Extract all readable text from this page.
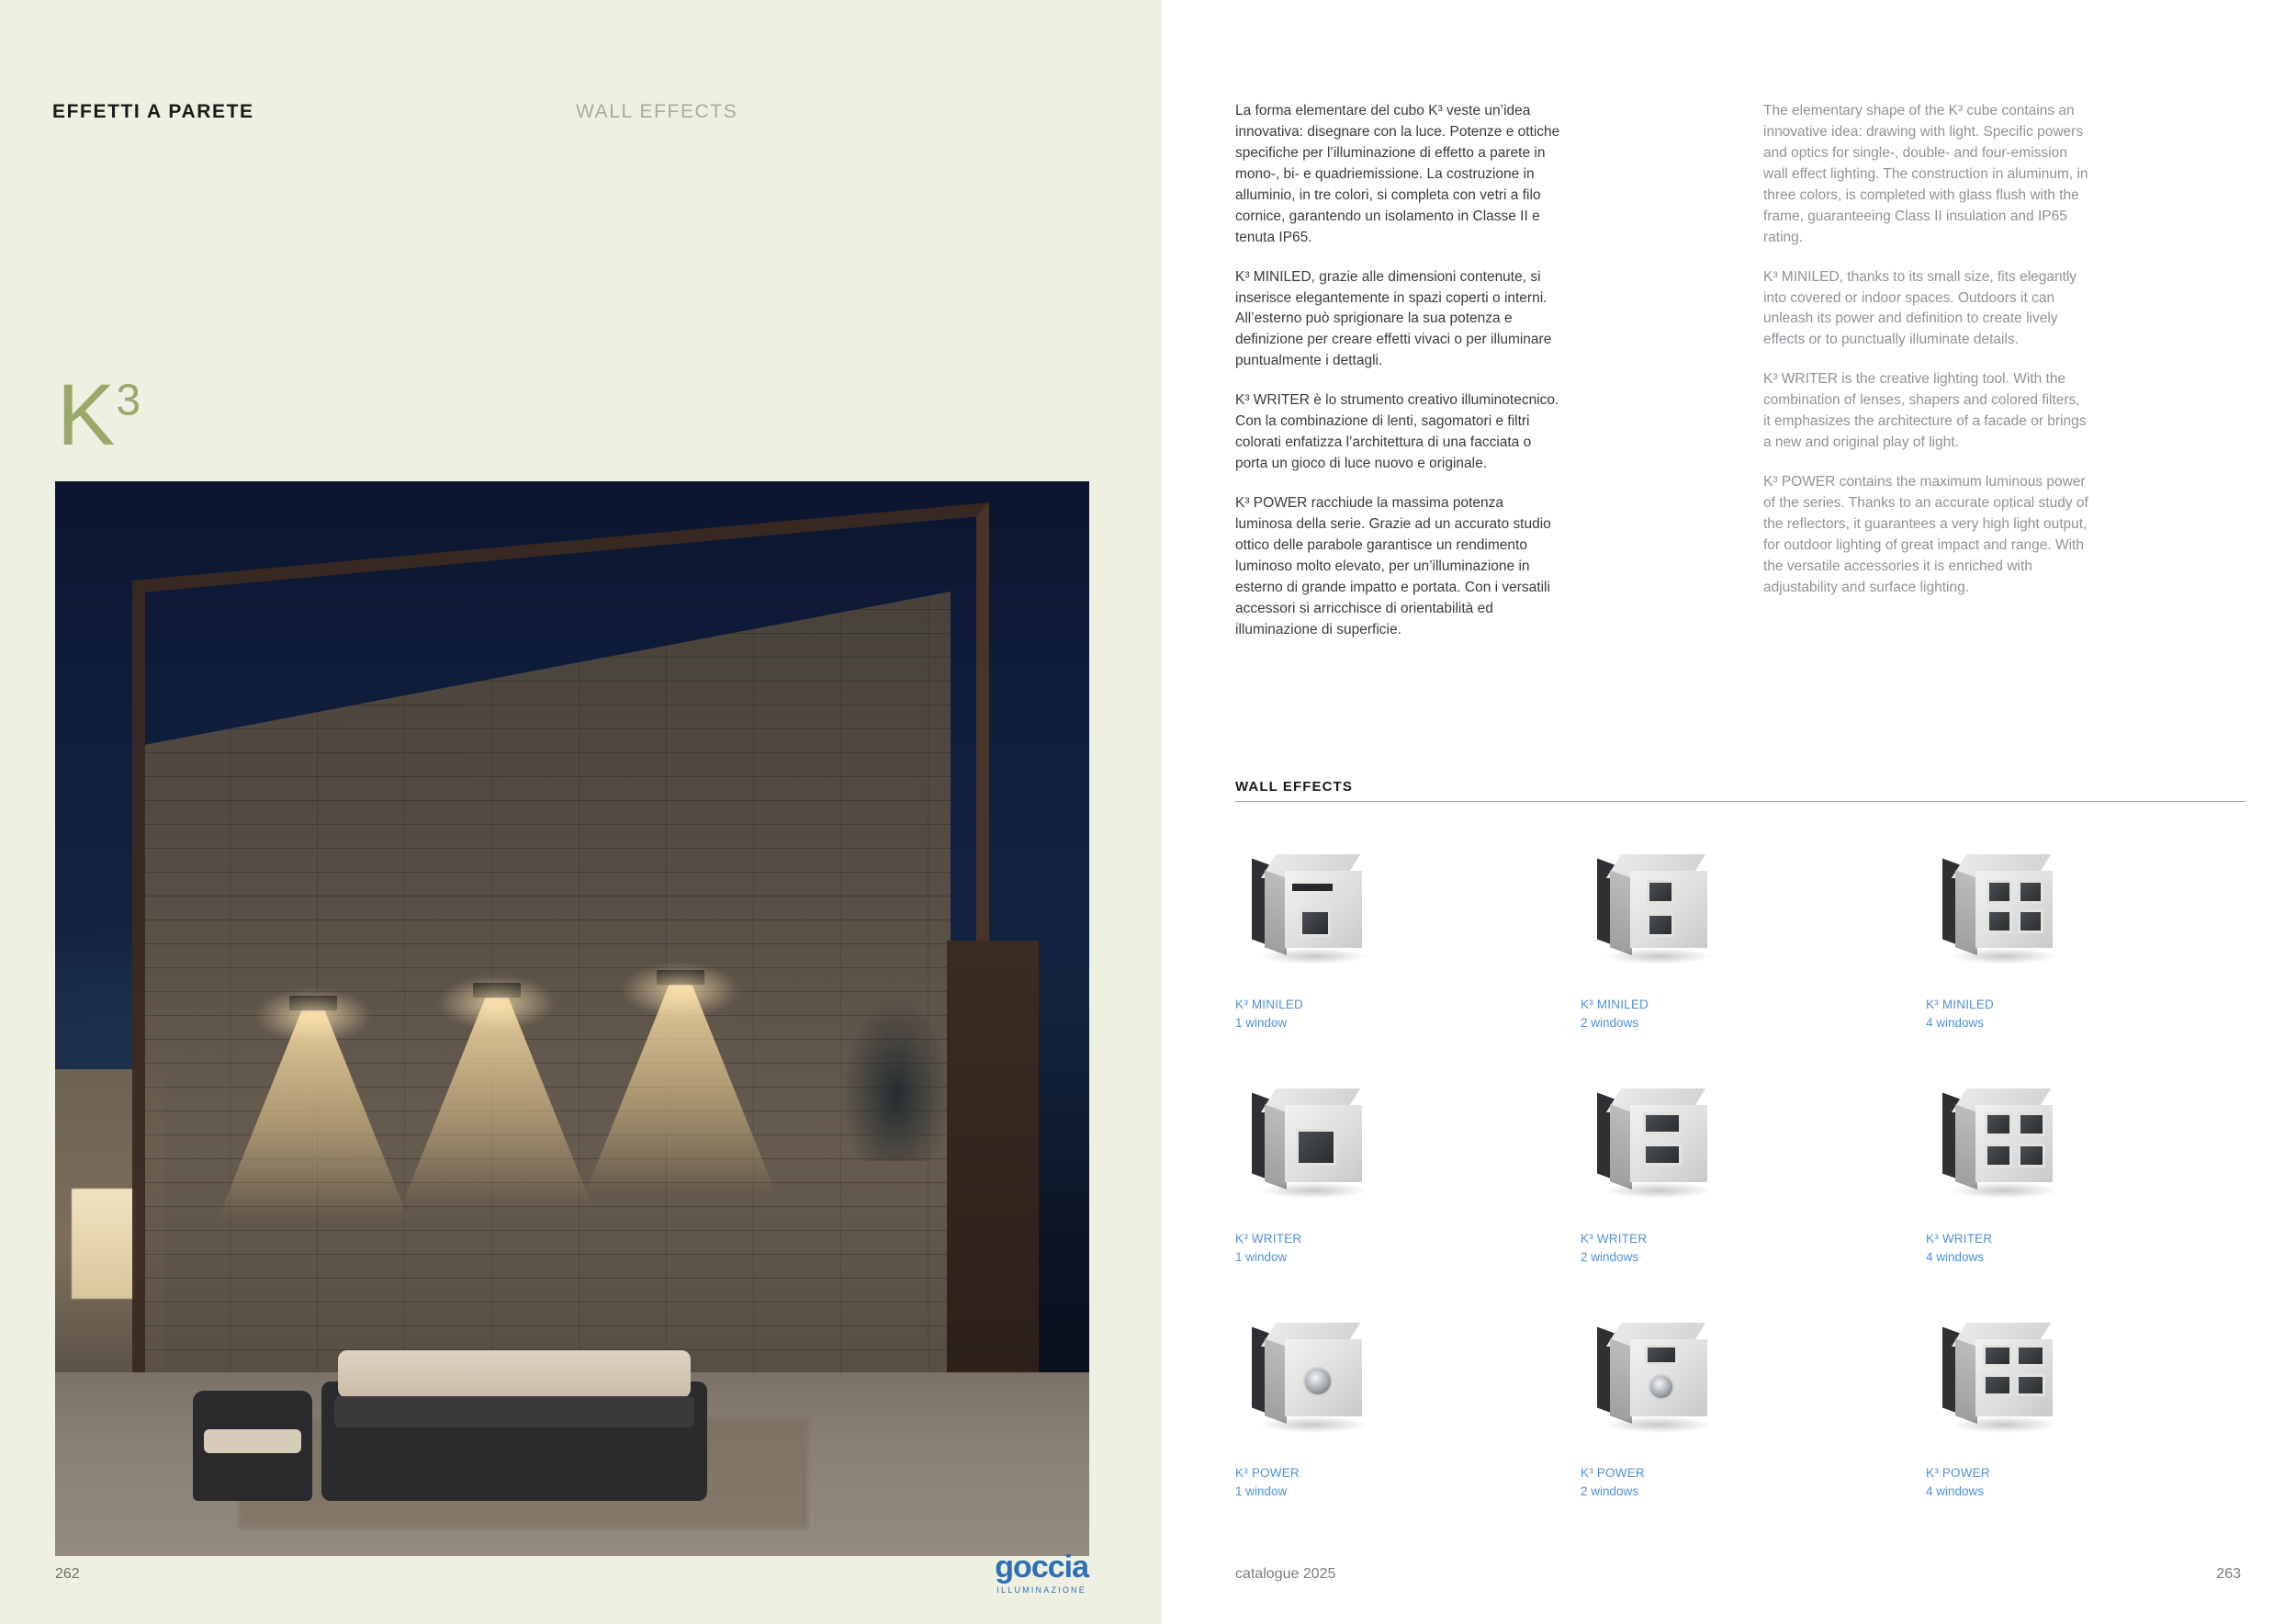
EFFETTI A PARETE	WALL EFFECTS
$K^3$
262	goccia
ILLUMINAZIONE

La forma elementare del cubo K³ veste un’idea innovativa: disegnare con la luce. Potenze e ottiche specifiche per l’illuminazione di effetto a parete in mono-, bi- e quadriemissione. La costruzione in alluminio, in tre colori, si completa con vetri a filo cornice, garantendo un isolamento in Classe II e tenuta IP65.

K³ MINILED, grazie alle dimensioni contenute, si inserisce elegantemente in spazi coperti o interni. All’esterno può sprigionare la sua potenza e definizione per creare effetti vivaci o per illuminare puntualmente i dettagli.

K³ WRITER è lo strumento creativo illuminotecnico. Con la combinazione di lenti, sagomatori e filtri colorati enfatizza l’architettura di una facciata o porta un gioco di luce nuovo e originale.

K³ POWER racchiude la massima potenza luminosa della serie. Grazie ad un accurato studio ottico delle parabole garantisce un rendimento luminoso molto elevato, per un’illuminazione in esterno di grande impatto e portata. Con i versatili accessori si arricchisce di orientabilità ed illuminazione di superficie.

The elementary shape of the K³ cube contains an innovative idea: drawing with light. Specific powers and optics for single-, double- and four-emission wall effect lighting. The construction in aluminum, in three colors, is completed with glass flush with the frame, guaranteeing Class II insulation and IP65 rating.

K³ MINILED, thanks to its small size, fits elegantly into covered or indoor spaces. Outdoors it can unleash its power and definition to create lively effects or to punctually illuminate details.

K³ WRITER is the creative lighting tool. With the combination of lenses, shapers and colored filters, it emphasizes the architecture of a facade or brings a new and original play of light.

K³ POWER contains the maximum luminous power of the series. Thanks to an accurate optical study of the reflectors, it guarantees a very high light output, for outdoor lighting of great impact and range. With the versatile accessories it is enriched with adjustability and surface lighting.

WALL EFFECTS
K³ MINILED
1 window
K³ MINILED
2 windows
K³ MINILED
4 windows
K³ WRITER
1 window
K³ WRITER
2 windows
K³ WRITER
4 windows
K³ POWER
1 window
K³ POWER
2 windows
K³ POWER
4 windows
catalogue 2025	263
